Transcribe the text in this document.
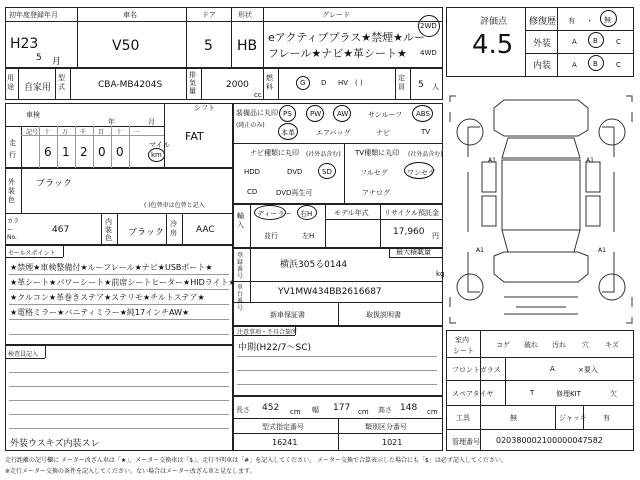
初年度登録年月
H23
5 月
車名
V50
ドア
5
形状
HB
グレード
eアクティブプラス★禁煙★ルー
フレール★ナビ★革シート★
2WD
4WD
用途 自家用
型式	CBA-MB4204S
排気量
2000
cc
燃料	G D HV ( )
定員 5 人
評価点
4.5
修復歴 有 ・ 無
外装	A B	C
内装	A B	C
車検
年	月
シフト
FAT
走
行
記号 十 万 千 百 十 一
6 1 2 0 0	マイル
km
装備品に丸印
(純正のみ)
PS	PW AW	サンルーフ ABS
本革	エアバッグ	ナビ	TV
ナビ種類に丸印 (社外品含む)
HDD	DVD	SD
CD	DVD再生可
TV種類に丸印 (社外品含む)
フルセグ	ワンセグ
アナログ
外装色
ブラック
( )色替車は色替と記入
カラーNo.
467
内装色 ブラック
冷房 AAC
輸入
ディーラー 右H
並行	左H
モデル年式 リサイクル預託金
17,960 円
最大積載量
kg
登録番号
横浜305る0144
車台番号
YV1MW434BB2616687
新車保証書	取扱説明書
注意事項・不具合箇所
中期(H22/7～SC)
セールスポイント
★禁煙★車検整備付★ルーフレール★ナビ★USBポート★
★革シート★パワーシート★前席シートヒーター★HIDライト★
★クルコン★革巻きステア★ステリモ★チルトステア★
★電格ミラー★バニティミラー★純17インチAW★
検査員記入
外装ウスキズ内装スレ
長さ 452 cm 幅 177 cm 高さ 148 cm
型式指定番号
16241
類別区分番号
1021
A1	A1
A1	A1
室内
シート
コゲ 破れ 汚れ 穴 キズ
フロントガラス	A	×要入
スペアタイヤ	T	修理KIT	欠
工具	無	ジャッキ 有
管理番号 020380002100000047582
走行距離の記号欄に メーター改ざん車は「★」、メーター交換車は「$」、走行不明車は「#」を記入してください。 メーター交換で合算表示した場合にも「$」は必ず記入してください。
※走行メーター交換の条件を記入してください。ない場合はメーター改ざん車と見なします。
